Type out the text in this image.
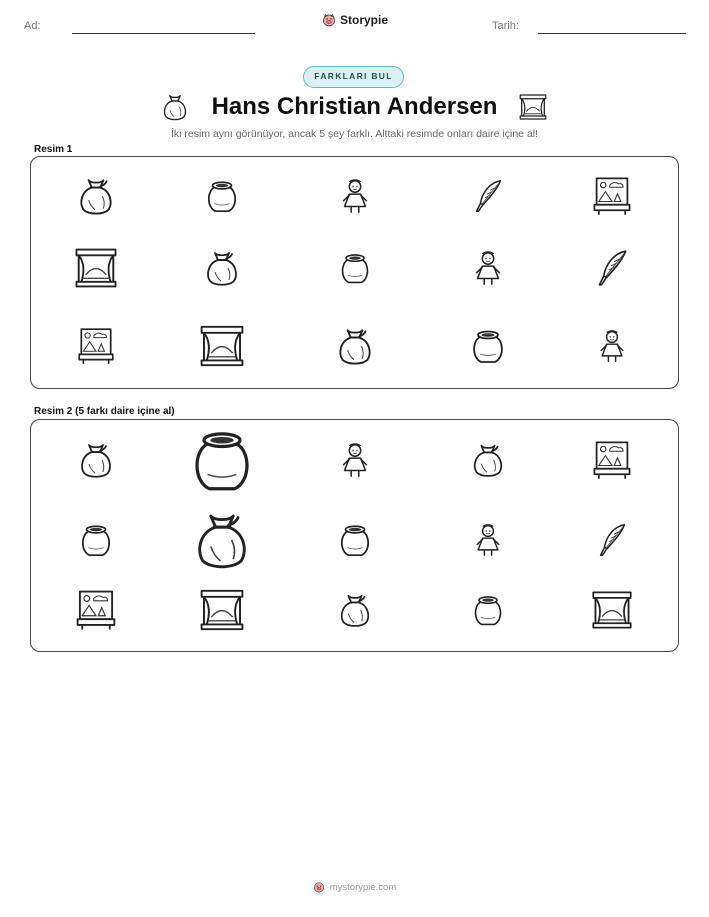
Ad:	Storypie	Tarih:
FARKLARI BUL
Hans Christian Andersen
İki resim aynı görünüyor, ancak 5 şey farklı. Alttaki resimde onları daire içine al!
Resim 1
Resim 2 (5 farkı daire içine al)
mystorypie.com
